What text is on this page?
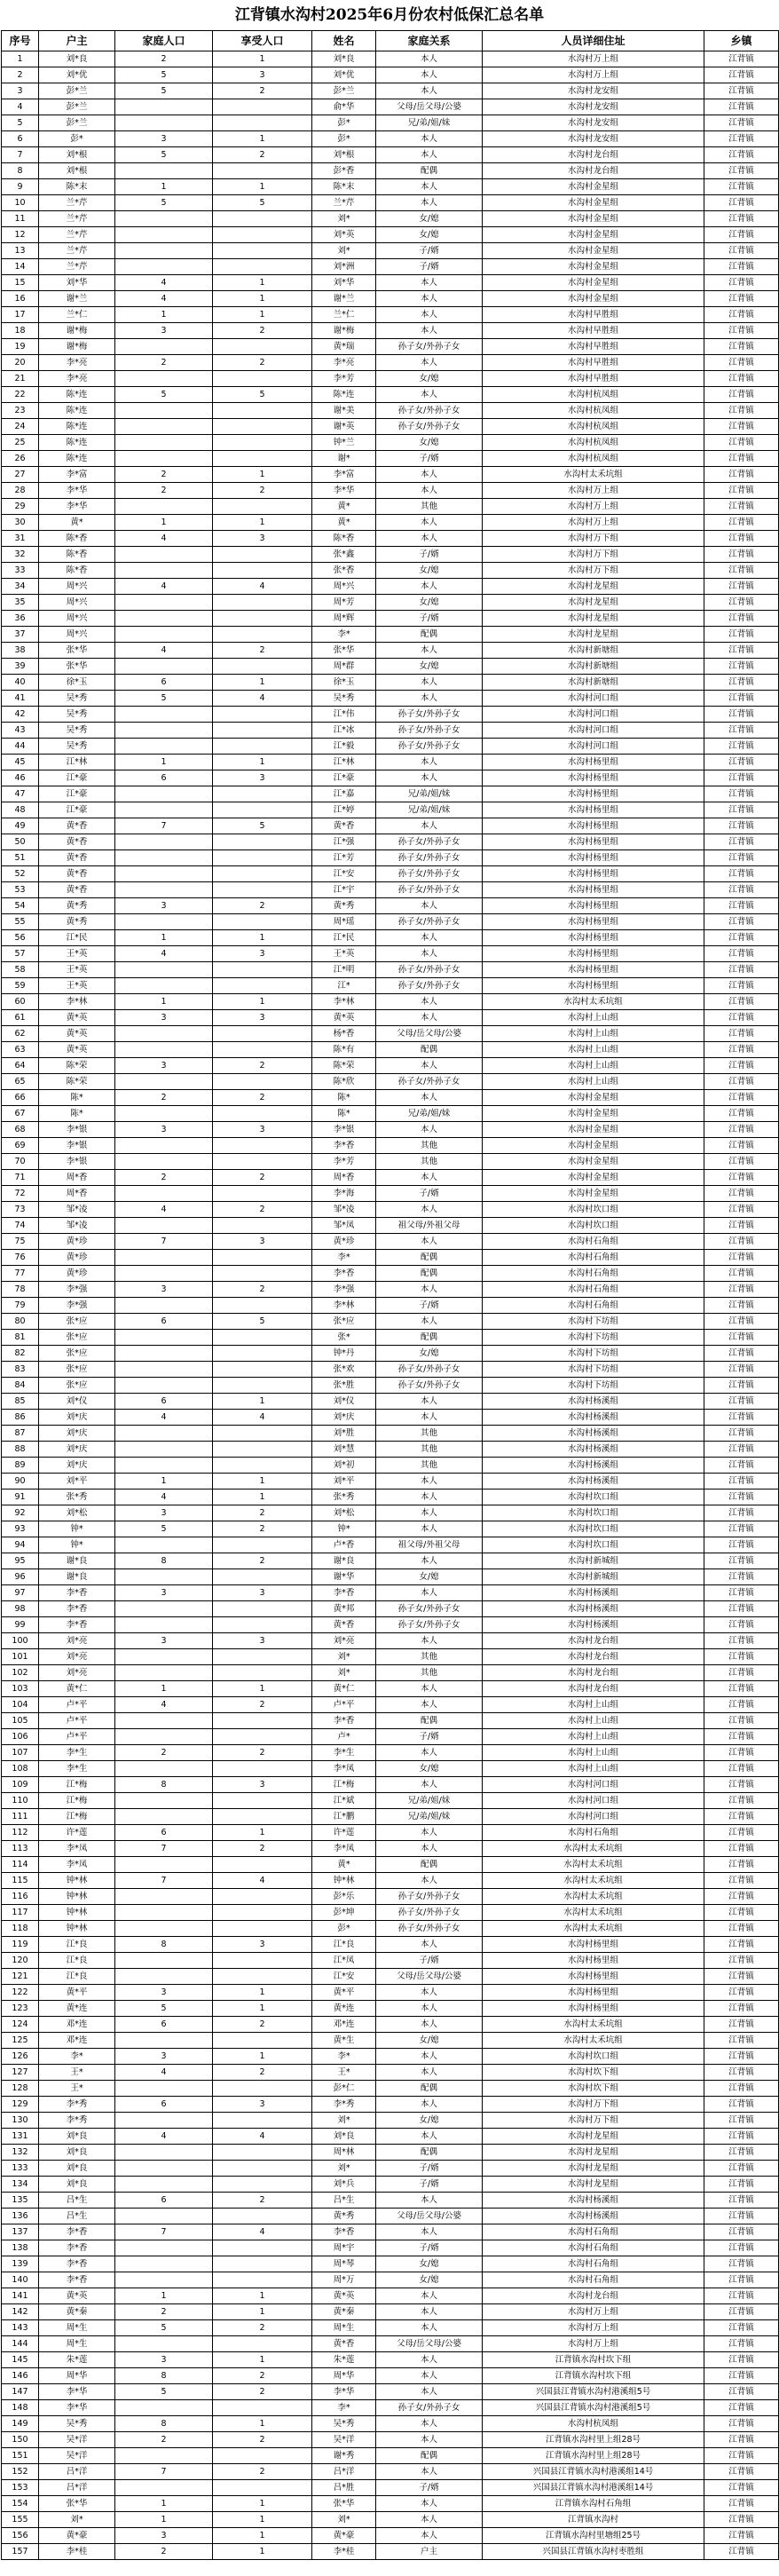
江背镇水沟村2025年6月份农村低保汇总名单
序号	户主	家庭人口	享受人口	姓名	家庭关系	人员详细住址	乡镇
1	刘*良	2	1	刘*良	本人	水沟村万上组	江背镇
2	刘*优	5	3	刘*优	本人	水沟村万上组	江背镇
3	彭*兰	5	2	彭*兰	本人	水沟村龙安组	江背镇
4	彭*兰			俞*华	父母/岳父母/公婆	水沟村龙安组	江背镇
5	彭*兰			彭*	兄/弟/姐/妹	水沟村龙安组	江背镇
6	彭*	3	1	彭*	本人	水沟村龙安组	江背镇
7	刘*根	5	2	刘*根	本人	水沟村龙台组	江背镇
8	刘*根			彭*香	配偶	水沟村龙台组	江背镇
9	陈*末	1	1	陈*末	本人	水沟村金星组	江背镇
10	兰*芹	5	5	兰*芹	本人	水沟村金星组	江背镇
11	兰*芹			刘*	女/媳	水沟村金星组	江背镇
12	兰*芹			刘*英	女/媳	水沟村金星组	江背镇
13	兰*芹			刘*	子/婿	水沟村金星组	江背镇
14	兰*芹			刘*洲	子/婿	水沟村金星组	江背镇
15	刘*华	4	1	刘*华	本人	水沟村金星组	江背镇
16	谢*兰	4	1	谢*兰	本人	水沟村金星组	江背镇
17	兰*仁	1	1	兰*仁	本人	水沟村早胜组	江背镇
18	谢*梅	3	2	谢*梅	本人	水沟村早胜组	江背镇
19	谢*梅			黄*瑞	孙子女/外孙子女	水沟村早胜组	江背镇
20	李*亮	2	2	李*亮	本人	水沟村早胜组	江背镇
21	李*亮			李*芳	女/媳	水沟村早胜组	江背镇
22	陈*连	5	5	陈*连	本人	水沟村杭凤组	江背镇
23	陈*连			谢*美	孙子女/外孙子女	水沟村杭凤组	江背镇
24	陈*连			谢*英	孙子女/外孙子女	水沟村杭凤组	江背镇
25	陈*连			钟*兰	女/媳	水沟村杭凤组	江背镇
26	陈*连			谢*	子/婿	水沟村杭凤组	江背镇
27	李*富	2	1	李*富	本人	水沟村太禾坑组	江背镇
28	李*华	2	2	李*华	本人	水沟村万上组	江背镇
29	李*华			黄*	其他	水沟村万上组	江背镇
30	黄*	1	1	黄*	本人	水沟村万上组	江背镇
31	陈*香	4	3	陈*香	本人	水沟村万下组	江背镇
32	陈*香			张*鑫	子/婿	水沟村万下组	江背镇
33	陈*香			张*香	女/媳	水沟村万下组	江背镇
34	周*兴	4	4	周*兴	本人	水沟村龙星组	江背镇
35	周*兴			周*芳	女/媳	水沟村龙星组	江背镇
36	周*兴			周*辉	子/婿	水沟村龙星组	江背镇
37	周*兴			李*	配偶	水沟村龙星组	江背镇
38	张*华	4	2	张*华	本人	水沟村新塘组	江背镇
39	张*华			周*群	女/媳	水沟村新塘组	江背镇
40	徐*玉	6	1	徐*玉	本人	水沟村新塘组	江背镇
41	吴*秀	5	4	吴*秀	本人	水沟村河口组	江背镇
42	吴*秀			江*伟	孙子女/外孙子女	水沟村河口组	江背镇
43	吴*秀			江*冰	孙子女/外孙子女	水沟村河口组	江背镇
44	吴*秀			江*毅	孙子女/外孙子女	水沟村河口组	江背镇
45	江*林	1	1	江*林	本人	水沟村杨里组	江背镇
46	江*豪	6	3	江*豪	本人	水沟村杨里组	江背镇
47	江*豪			江*嘉	兄/弟/姐/妹	水沟村杨里组	江背镇
48	江*豪			江*婷	兄/弟/姐/妹	水沟村杨里组	江背镇
49	黄*香	7	5	黄*香	本人	水沟村杨里组	江背镇
50	黄*香			江*强	孙子女/外孙子女	水沟村杨里组	江背镇
51	黄*香			江*芳	孙子女/外孙子女	水沟村杨里组	江背镇
52	黄*香			江*安	孙子女/外孙子女	水沟村杨里组	江背镇
53	黄*香			江*宇	孙子女/外孙子女	水沟村杨里组	江背镇
54	黄*秀	3	2	黄*秀	本人	水沟村杨里组	江背镇
55	黄*秀			周*瑶	孙子女/外孙子女	水沟村杨里组	江背镇
56	江*民	1	1	江*民	本人	水沟村杨里组	江背镇
57	王*英	4	3	王*英	本人	水沟村杨里组	江背镇
58	王*英			江*明	孙子女/外孙子女	水沟村杨里组	江背镇
59	王*英			江*	孙子女/外孙子女	水沟村杨里组	江背镇
60	李*林	1	1	李*林	本人	水沟村太禾坑组	江背镇
61	黄*英	3	3	黄*英	本人	水沟村上山组	江背镇
62	黄*英			杨*香	父母/岳父母/公婆	水沟村上山组	江背镇
63	黄*英			陈*有	配偶	水沟村上山组	江背镇
64	陈*荣	3	2	陈*荣	本人	水沟村上山组	江背镇
65	陈*荣			陈*欣	孙子女/外孙子女	水沟村上山组	江背镇
66	陈*	2	2	陈*	本人	水沟村金星组	江背镇
67	陈*			陈*	兄/弟/姐/妹	水沟村金星组	江背镇
68	李*银	3	3	李*银	本人	水沟村金星组	江背镇
69	李*银			李*香	其他	水沟村金星组	江背镇
70	李*银			李*芳	其他	水沟村金星组	江背镇
71	周*香	2	2	周*香	本人	水沟村金星组	江背镇
72	周*香			李*海	子/婿	水沟村金星组	江背镇
73	邹*凌	4	2	邹*凌	本人	水沟村坎口组	江背镇
74	邹*凌			邹*凤	祖父母/外祖父母	水沟村坎口组	江背镇
75	黄*珍	7	3	黄*珍	本人	水沟村石角组	江背镇
76	黄*珍			李*	配偶	水沟村石角组	江背镇
77	黄*珍			李*香	配偶	水沟村石角组	江背镇
78	李*强	3	2	李*强	本人	水沟村石角组	江背镇
79	李*强			李*林	子/婿	水沟村石角组	江背镇
80	张*应	6	5	张*应	本人	水沟村下坊组	江背镇
81	张*应			张*	配偶	水沟村下坊组	江背镇
82	张*应			钟*丹	女/媳	水沟村下坊组	江背镇
83	张*应			张*欢	孙子女/外孙子女	水沟村下坊组	江背镇
84	张*应			张*胜	孙子女/外孙子女	水沟村下坊组	江背镇
85	刘*仪	6	1	刘*仪	本人	水沟村杨溪组	江背镇
86	刘*庆	4	4	刘*庆	本人	水沟村杨溪组	江背镇
87	刘*庆			刘*胜	其他	水沟村杨溪组	江背镇
88	刘*庆			刘*慧	其他	水沟村杨溪组	江背镇
89	刘*庆			刘*初	其他	水沟村杨溪组	江背镇
90	刘*平	1	1	刘*平	本人	水沟村杨溪组	江背镇
91	张*秀	4	1	张*秀	本人	水沟村坎口组	江背镇
92	刘*松	3	2	刘*松	本人	水沟村坎口组	江背镇
93	钟*	5	2	钟*	本人	水沟村坎口组	江背镇
94	钟*			卢*香	祖父母/外祖父母	水沟村坎口组	江背镇
95	谢*良	8	2	谢*良	本人	水沟村新城组	江背镇
96	谢*良			谢*华	女/媳	水沟村新城组	江背镇
97	李*香	3	3	李*香	本人	水沟村杨溪组	江背镇
98	李*香			黄*邦	孙子女/外孙子女	水沟村杨溪组	江背镇
99	李*香			黄*香	孙子女/外孙子女	水沟村杨溪组	江背镇
100	刘*亮	3	3	刘*亮	本人	水沟村龙台组	江背镇
101	刘*亮			刘*	其他	水沟村龙台组	江背镇
102	刘*亮			刘*	其他	水沟村龙台组	江背镇
103	黄*仁	1	1	黄*仁	本人	水沟村龙台组	江背镇
104	卢*平	4	2	卢*平	本人	水沟村上山组	江背镇
105	卢*平			李*香	配偶	水沟村上山组	江背镇
106	卢*平			卢*	子/婿	水沟村上山组	江背镇
107	李*生	2	2	李*生	本人	水沟村上山组	江背镇
108	李*生			李*凤	女/媳	水沟村上山组	江背镇
109	江*梅	8	3	江*梅	本人	水沟村河口组	江背镇
110	江*梅			江*斌	兄/弟/姐/妹	水沟村河口组	江背镇
111	江*梅			江*鹏	兄/弟/姐/妹	水沟村河口组	江背镇
112	许*莲	6	1	许*莲	本人	水沟村石角组	江背镇
113	李*凤	7	2	李*凤	本人	水沟村太禾坑组	江背镇
114	李*凤			黄*	配偶	水沟村太禾坑组	江背镇
115	钟*林	7	4	钟*林	本人	水沟村太禾坑组	江背镇
116	钟*林			彭*乐	孙子女/外孙子女	水沟村太禾坑组	江背镇
117	钟*林			彭*坤	孙子女/外孙子女	水沟村太禾坑组	江背镇
118	钟*林			彭*	孙子女/外孙子女	水沟村太禾坑组	江背镇
119	江*良	8	3	江*良	本人	水沟村杨里组	江背镇
120	江*良			江*凤	子/婿	水沟村杨里组	江背镇
121	江*良			江*安	父母/岳父母/公婆	水沟村杨里组	江背镇
122	黄*平	3	1	黄*平	本人	水沟村杨里组	江背镇
123	黄*连	5	1	黄*连	本人	水沟村杨里组	江背镇
124	邓*连	6	2	邓*连	本人	水沟村太禾坑组	江背镇
125	邓*连			黄*生	女/媳	水沟村太禾坑组	江背镇
126	李*	3	1	李*	本人	水沟村坎口组	江背镇
127	王*	4	2	王*	本人	水沟村坎下组	江背镇
128	王*			彭*仁	配偶	水沟村坎下组	江背镇
129	李*秀	6	3	李*秀	本人	水沟村万下组	江背镇
130	李*秀			刘*	女/媳	水沟村万下组	江背镇
131	刘*良	4	4	刘*良	本人	水沟村龙星组	江背镇
132	刘*良			周*林	配偶	水沟村龙星组	江背镇
133	刘*良			刘*	子/婿	水沟村龙星组	江背镇
134	刘*良			刘*兵	子/婿	水沟村龙星组	江背镇
135	吕*生	6	2	吕*生	本人	水沟村杨溪组	江背镇
136	吕*生			黄*秀	父母/岳父母/公婆	水沟村杨溪组	江背镇
137	李*香	7	4	李*香	本人	水沟村石角组	江背镇
138	李*香			周*宇	子/婿	水沟村石角组	江背镇
139	李*香			周*琴	女/媳	水沟村石角组	江背镇
140	李*香			周*万	女/媳	水沟村石角组	江背镇
141	黄*英	1	1	黄*英	本人	水沟村龙台组	江背镇
142	黄*秦	2	1	黄*秦	本人	水沟村万上组	江背镇
143	周*生	5	2	周*生	本人	水沟村万上组	江背镇
144	周*生			黄*香	父母/岳父母/公婆	水沟村万上组	江背镇
145	朱*莲	3	1	朱*莲	本人	江背镇水沟村坎下组	江背镇
146	周*华	8	2	周*华	本人	江背镇水沟村坎下组	江背镇
147	李*华	5	2	李*华	本人	兴国县江背镇水沟村港溪组5号	江背镇
148	李*华			李*	孙子女/外孙子女	兴国县江背镇水沟村港溪组5号	江背镇
149	吴*秀	8	1	吴*秀	本人	水沟村杭凤组	江背镇
150	吴*洋	2	2	吴*洋	本人	江背镇水沟村里上组28号	江背镇
151	吴*洋			谢*秀	配偶	江背镇水沟村里上组28号	江背镇
152	吕*洋	7	2	吕*洋	本人	兴国县江背镇水沟村港溪组14号	江背镇
153	吕*洋			吕*胜	子/婿	兴国县江背镇水沟村港溪组14号	江背镇
154	张*华	1	1	张*华	本人	江背镇水沟村石角组	江背镇
155	刘*	1	1	刘*	本人	江背镇水沟村	江背镇
156	黄*豪	3	1	黄*豪	本人	江背镇水沟村里塘组25号	江背镇
157	李*桂	2	1	李*桂	户主	兴国县江背镇水沟村枣胜组	江背镇
